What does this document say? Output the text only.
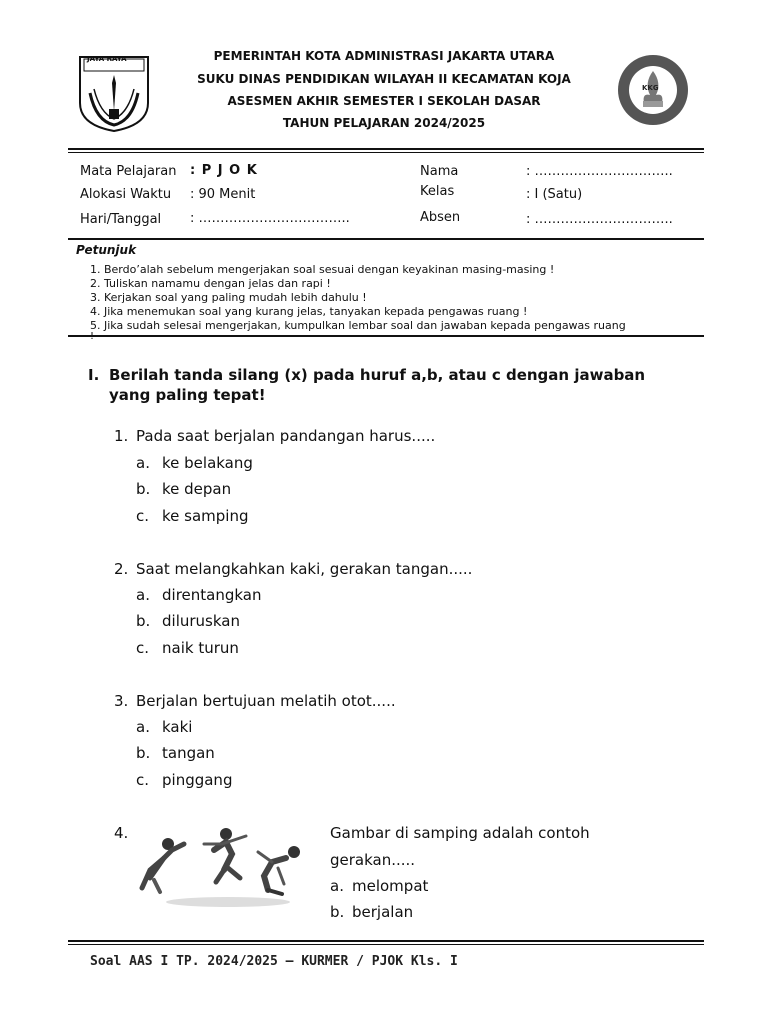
JAYA RAYA
KKG
PEMERINTAH KOTA ADMINISTRASI JAKARTA UTARA
SUKU DINAS PENDIDIKAN WILAYAH II KECAMATAN KOJA
ASESMEN AKHIR SEMESTER I SEKOLAH DASAR
TAHUN PELAJARAN 2024/2025
Mata Pelajaran : P J O K
Alokasi Waktu : 90 Menit
Hari/Tanggal : ……………………………..
Nama	: …………………………..
Kelas	: I (Satu)
Absen	: …………………………..
Petunjuk
1. Berdo’alah sebelum mengerjakan soal sesuai dengan keyakinan masing-masing !
2. Tuliskan namamu dengan jelas dan rapi !
3. Kerjakan soal yang paling mudah lebih dahulu !
4. Jika menemukan soal yang kurang jelas, tanyakan kepada pengawas ruang !
5. Jika sudah selesai mengerjakan, kumpulkan lembar soal dan jawaban kepada pengawas ruang
I. Berilah tanda silang (x) pada huruf a,b, atau c dengan jawaban yang paling tepat!
1. Pada saat berjalan pandangan harus.....
a. ke belakang
b. ke depan
c. ke samping
2. Saat melangkahkan kaki, gerakan tangan.....
a. direntangkan
b. diluruskan
c. naik turun
3. Berjalan bertujuan melatih otot.....
a. kaki
b. tangan
c. pinggang
4.	Gambar di samping adalah contoh
gerakan.....
a. melompat
b. berjalan
Soal AAS I TP. 2024/2025 – KURMER / PJOK Kls. I
